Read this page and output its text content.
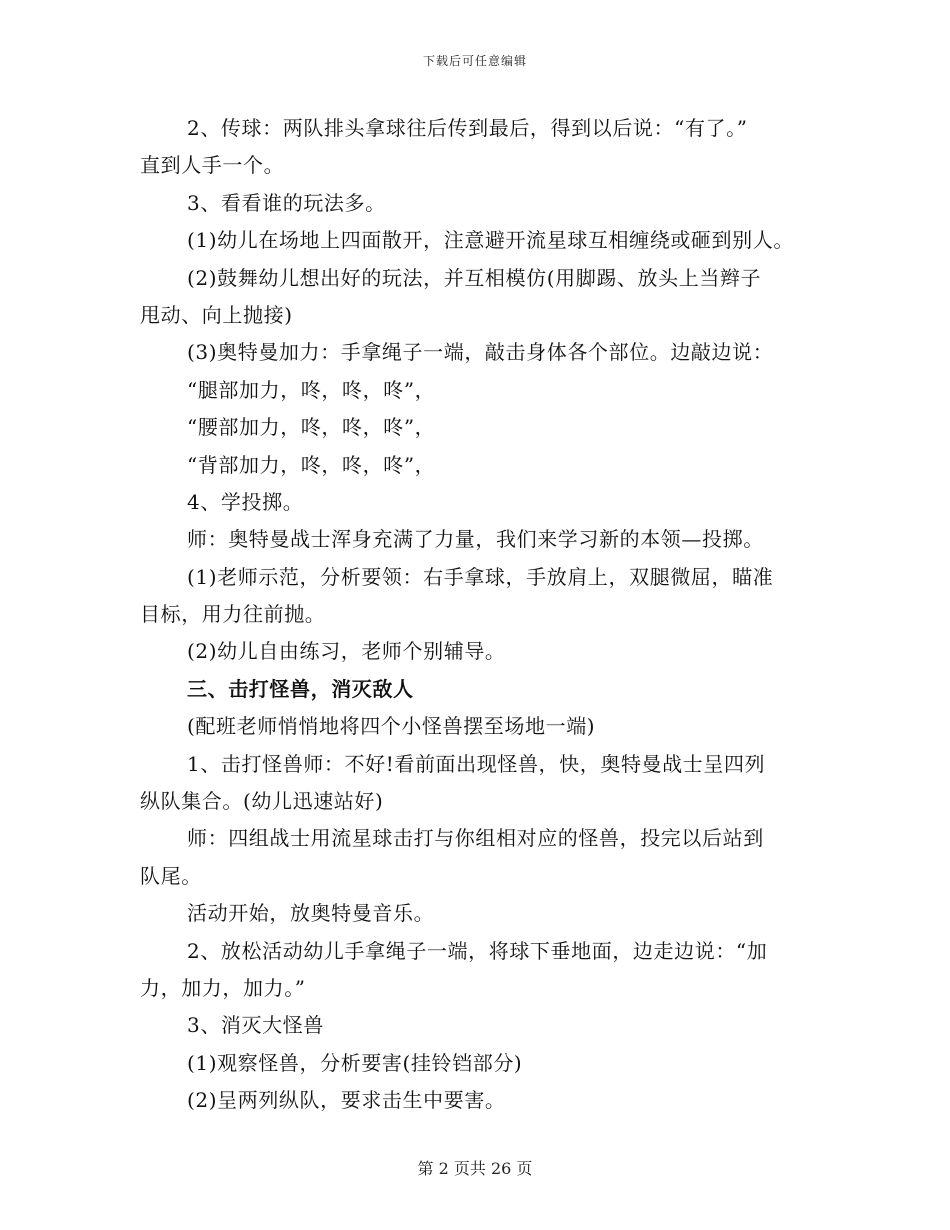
下载后可任意编辑
2、传球：两队排头拿球往后传到最后，得到以后说：“有了。”
直到人手一个。
3、看看谁的玩法多。
(1)幼儿在场地上四面散开，注意避开流星球互相缠绕或砸到别人。
(2)鼓舞幼儿想出好的玩法，并互相模仿(用脚踢、放头上当辫子
甩动、向上抛接)
(3)奥特曼加力：手拿绳子一端，敲击身体各个部位。边敲边说：
“腿部加力，咚，咚，咚”，
“腰部加力，咚，咚，咚”，
“背部加力，咚，咚，咚”，
4、学投掷。
师：奥特曼战士浑身充满了力量，我们来学习新的本领—投掷。
(1)老师示范，分析要领：右手拿球，手放肩上，双腿微屈，瞄准
目标，用力往前抛。
(2)幼儿自由练习，老师个别辅导。
三、击打怪兽，消灭敌人
(配班老师悄悄地将四个小怪兽摆至场地一端)
1、击打怪兽师：不好!看前面出现怪兽，快，奥特曼战士呈四列
纵队集合。(幼儿迅速站好)
师：四组战士用流星球击打与你组相对应的怪兽，投完以后站到
队尾。
活动开始，放奥特曼音乐。
2、放松活动幼儿手拿绳子一端，将球下垂地面，边走边说：“加
力，加力，加力。”
3、消灭大怪兽
(1)观察怪兽，分析要害(挂铃铛部分)
(2)呈两列纵队，要求击生中要害。
第 2 页共 26 页
